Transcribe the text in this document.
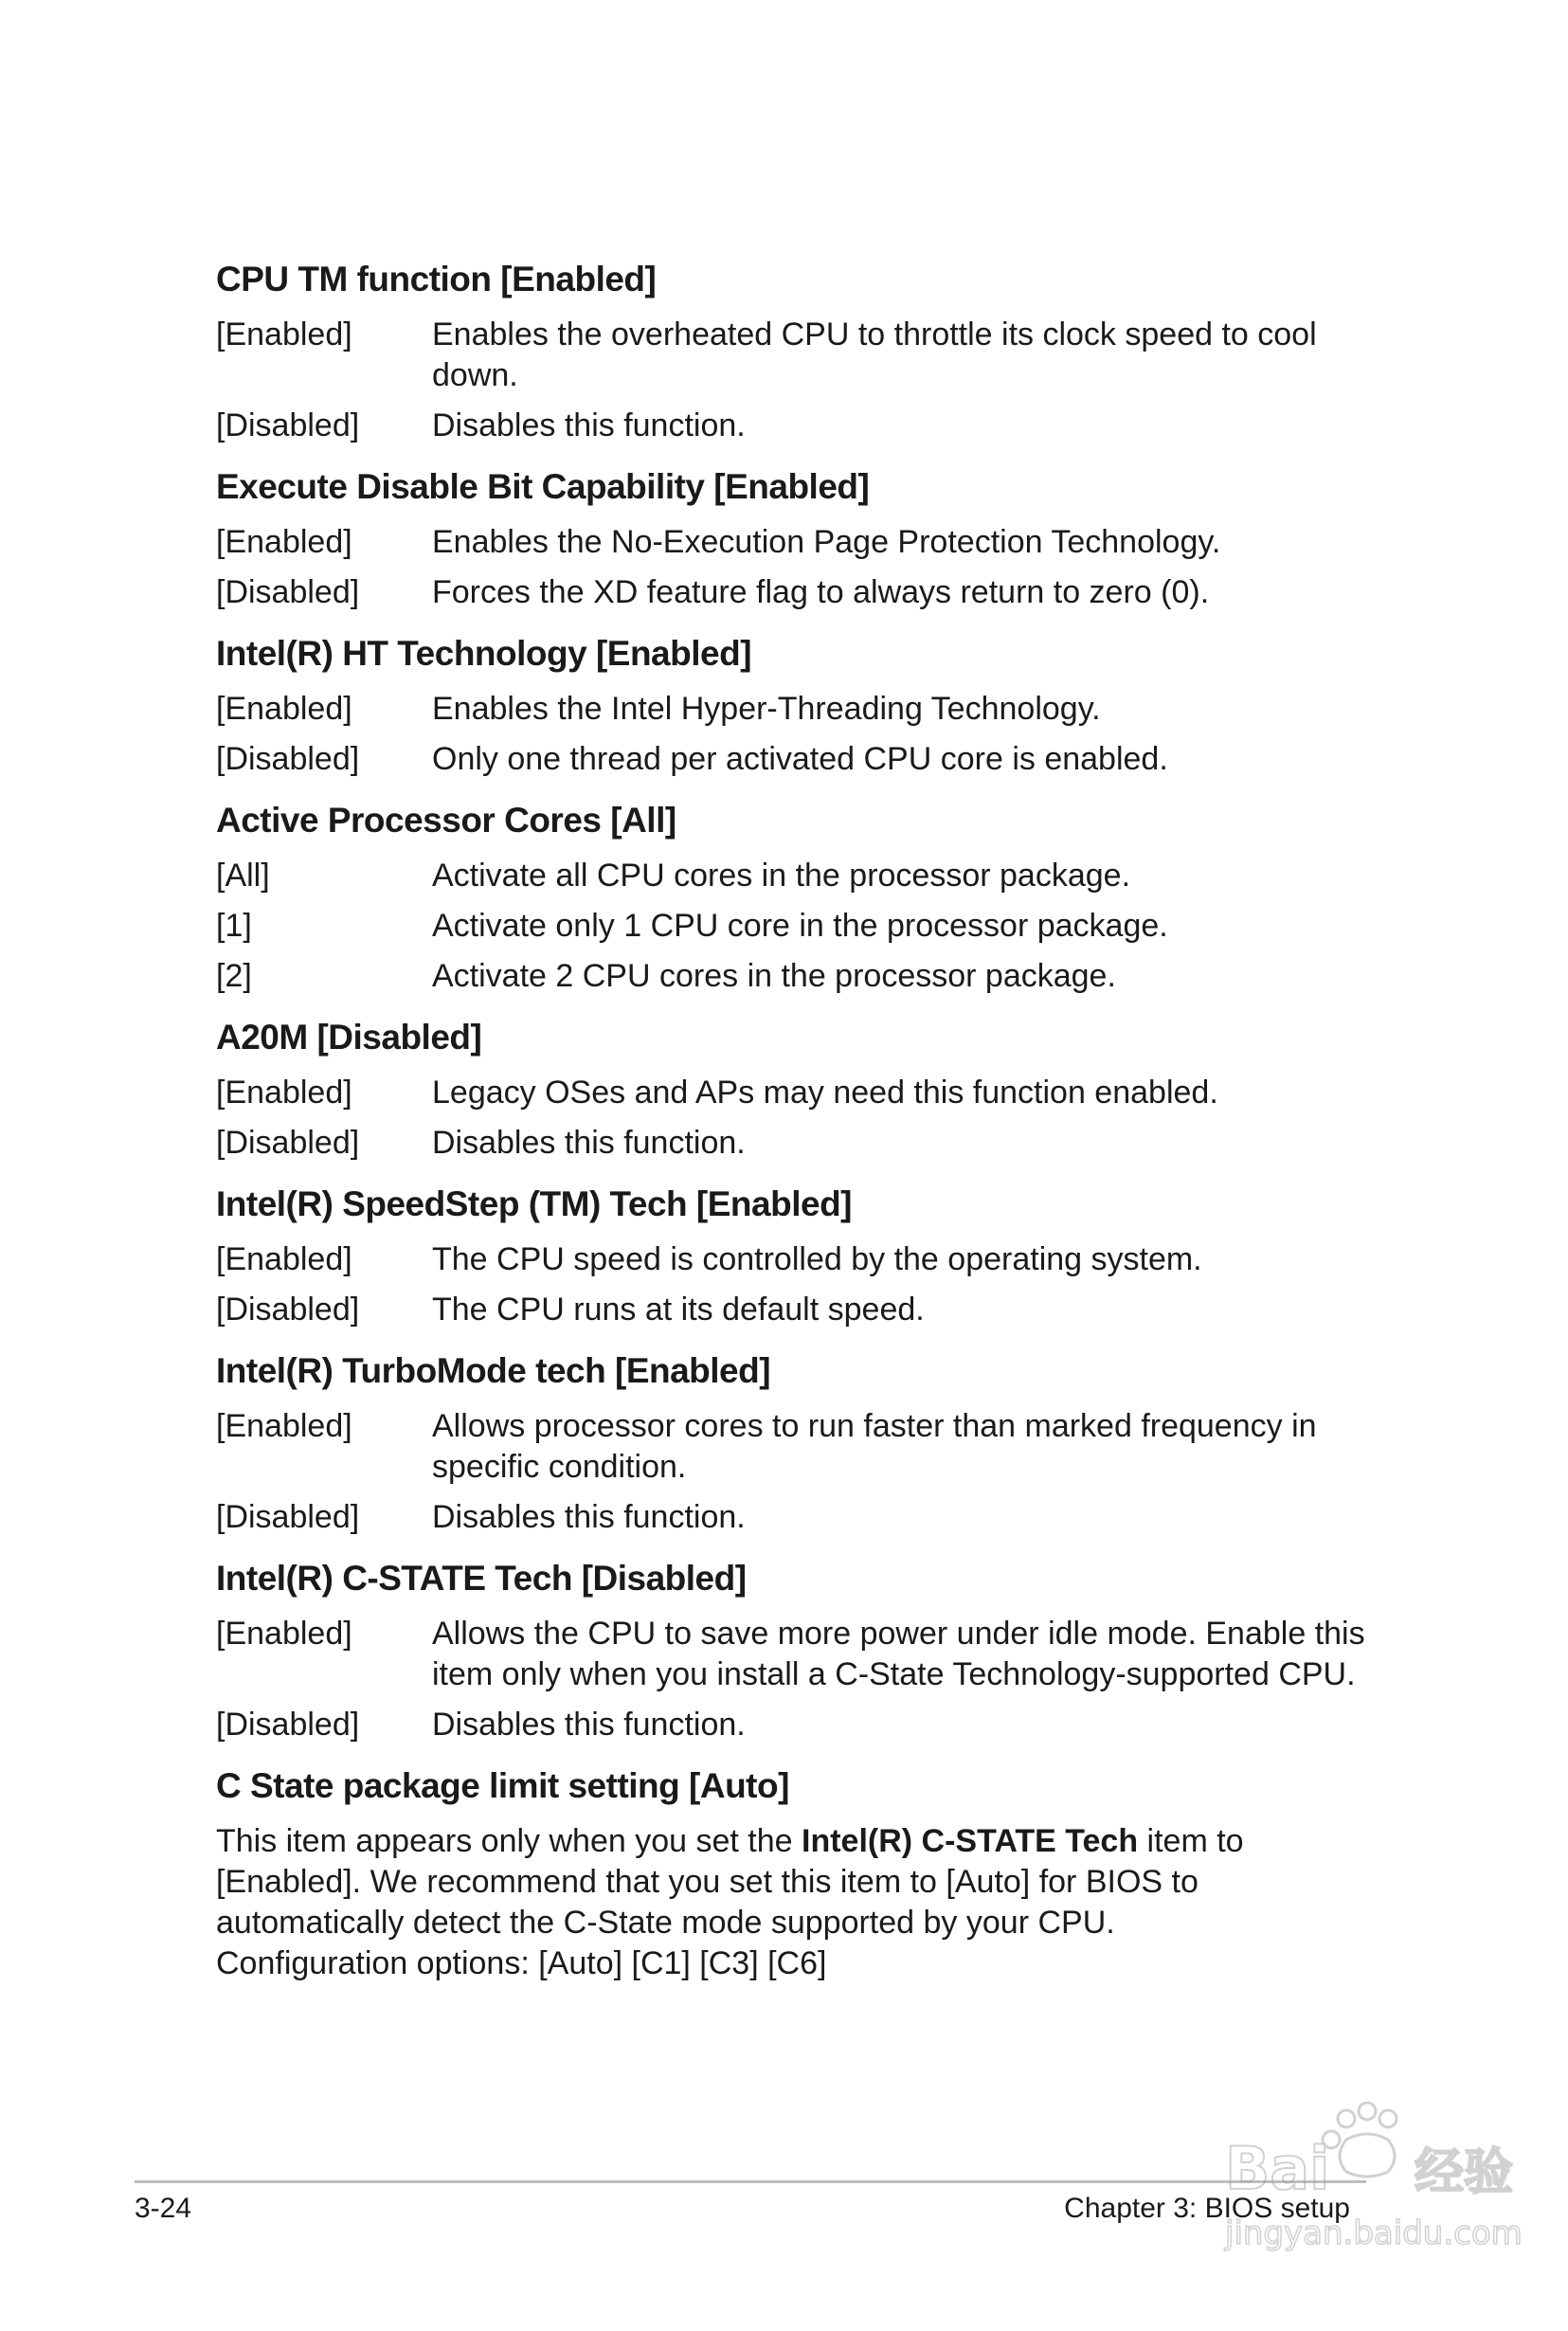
CPU TM function [Enabled]
[Enabled]	Enables the overheated CPU to throttle its clock speed to cool down.
[Disabled]	Disables this function.
Execute Disable Bit Capability [Enabled]
[Enabled]	Enables the No-Execution Page Protection Technology.
[Disabled]	Forces the XD feature flag to always return to zero (0).
Intel(R) HT Technology [Enabled]
[Enabled]	Enables the Intel Hyper-Threading Technology.
[Disabled]	Only one thread per activated CPU core is enabled.
Active Processor Cores [All]
[All]	Activate all CPU cores in the processor package.
[1]	Activate only 1 CPU core in the processor package.
[2]	Activate 2 CPU cores in the processor package.
A20M [Disabled]
[Enabled]	Legacy OSes and APs may need this function enabled.
[Disabled]	Disables this function.
Intel(R) SpeedStep (TM) Tech [Enabled]
[Enabled]	The CPU speed is controlled by the operating system.
[Disabled]	The CPU runs at its default speed.
Intel(R) TurboMode tech [Enabled]
[Enabled]	Allows processor cores to run faster than marked frequency in specific condition.
[Disabled]	Disables this function.
Intel(R) C-STATE Tech [Disabled]
[Enabled]	Allows the CPU to save more power under idle mode. Enable this item only when you install a C-State Technology-supported CPU.
[Disabled]	Disables this function.
C State package limit setting [Auto]

This item appears only when you set the Intel(R) C-STATE Tech item to [Enabled]. We recommend that you set this item to [Auto] for BIOS to automatically detect the C-State mode supported by your CPU.

Configuration options: [Auto] [C1] [C3] [C6]

3-24	Chapter 3: BIOS setup
Bai 经验
jingyan.baidu.com
